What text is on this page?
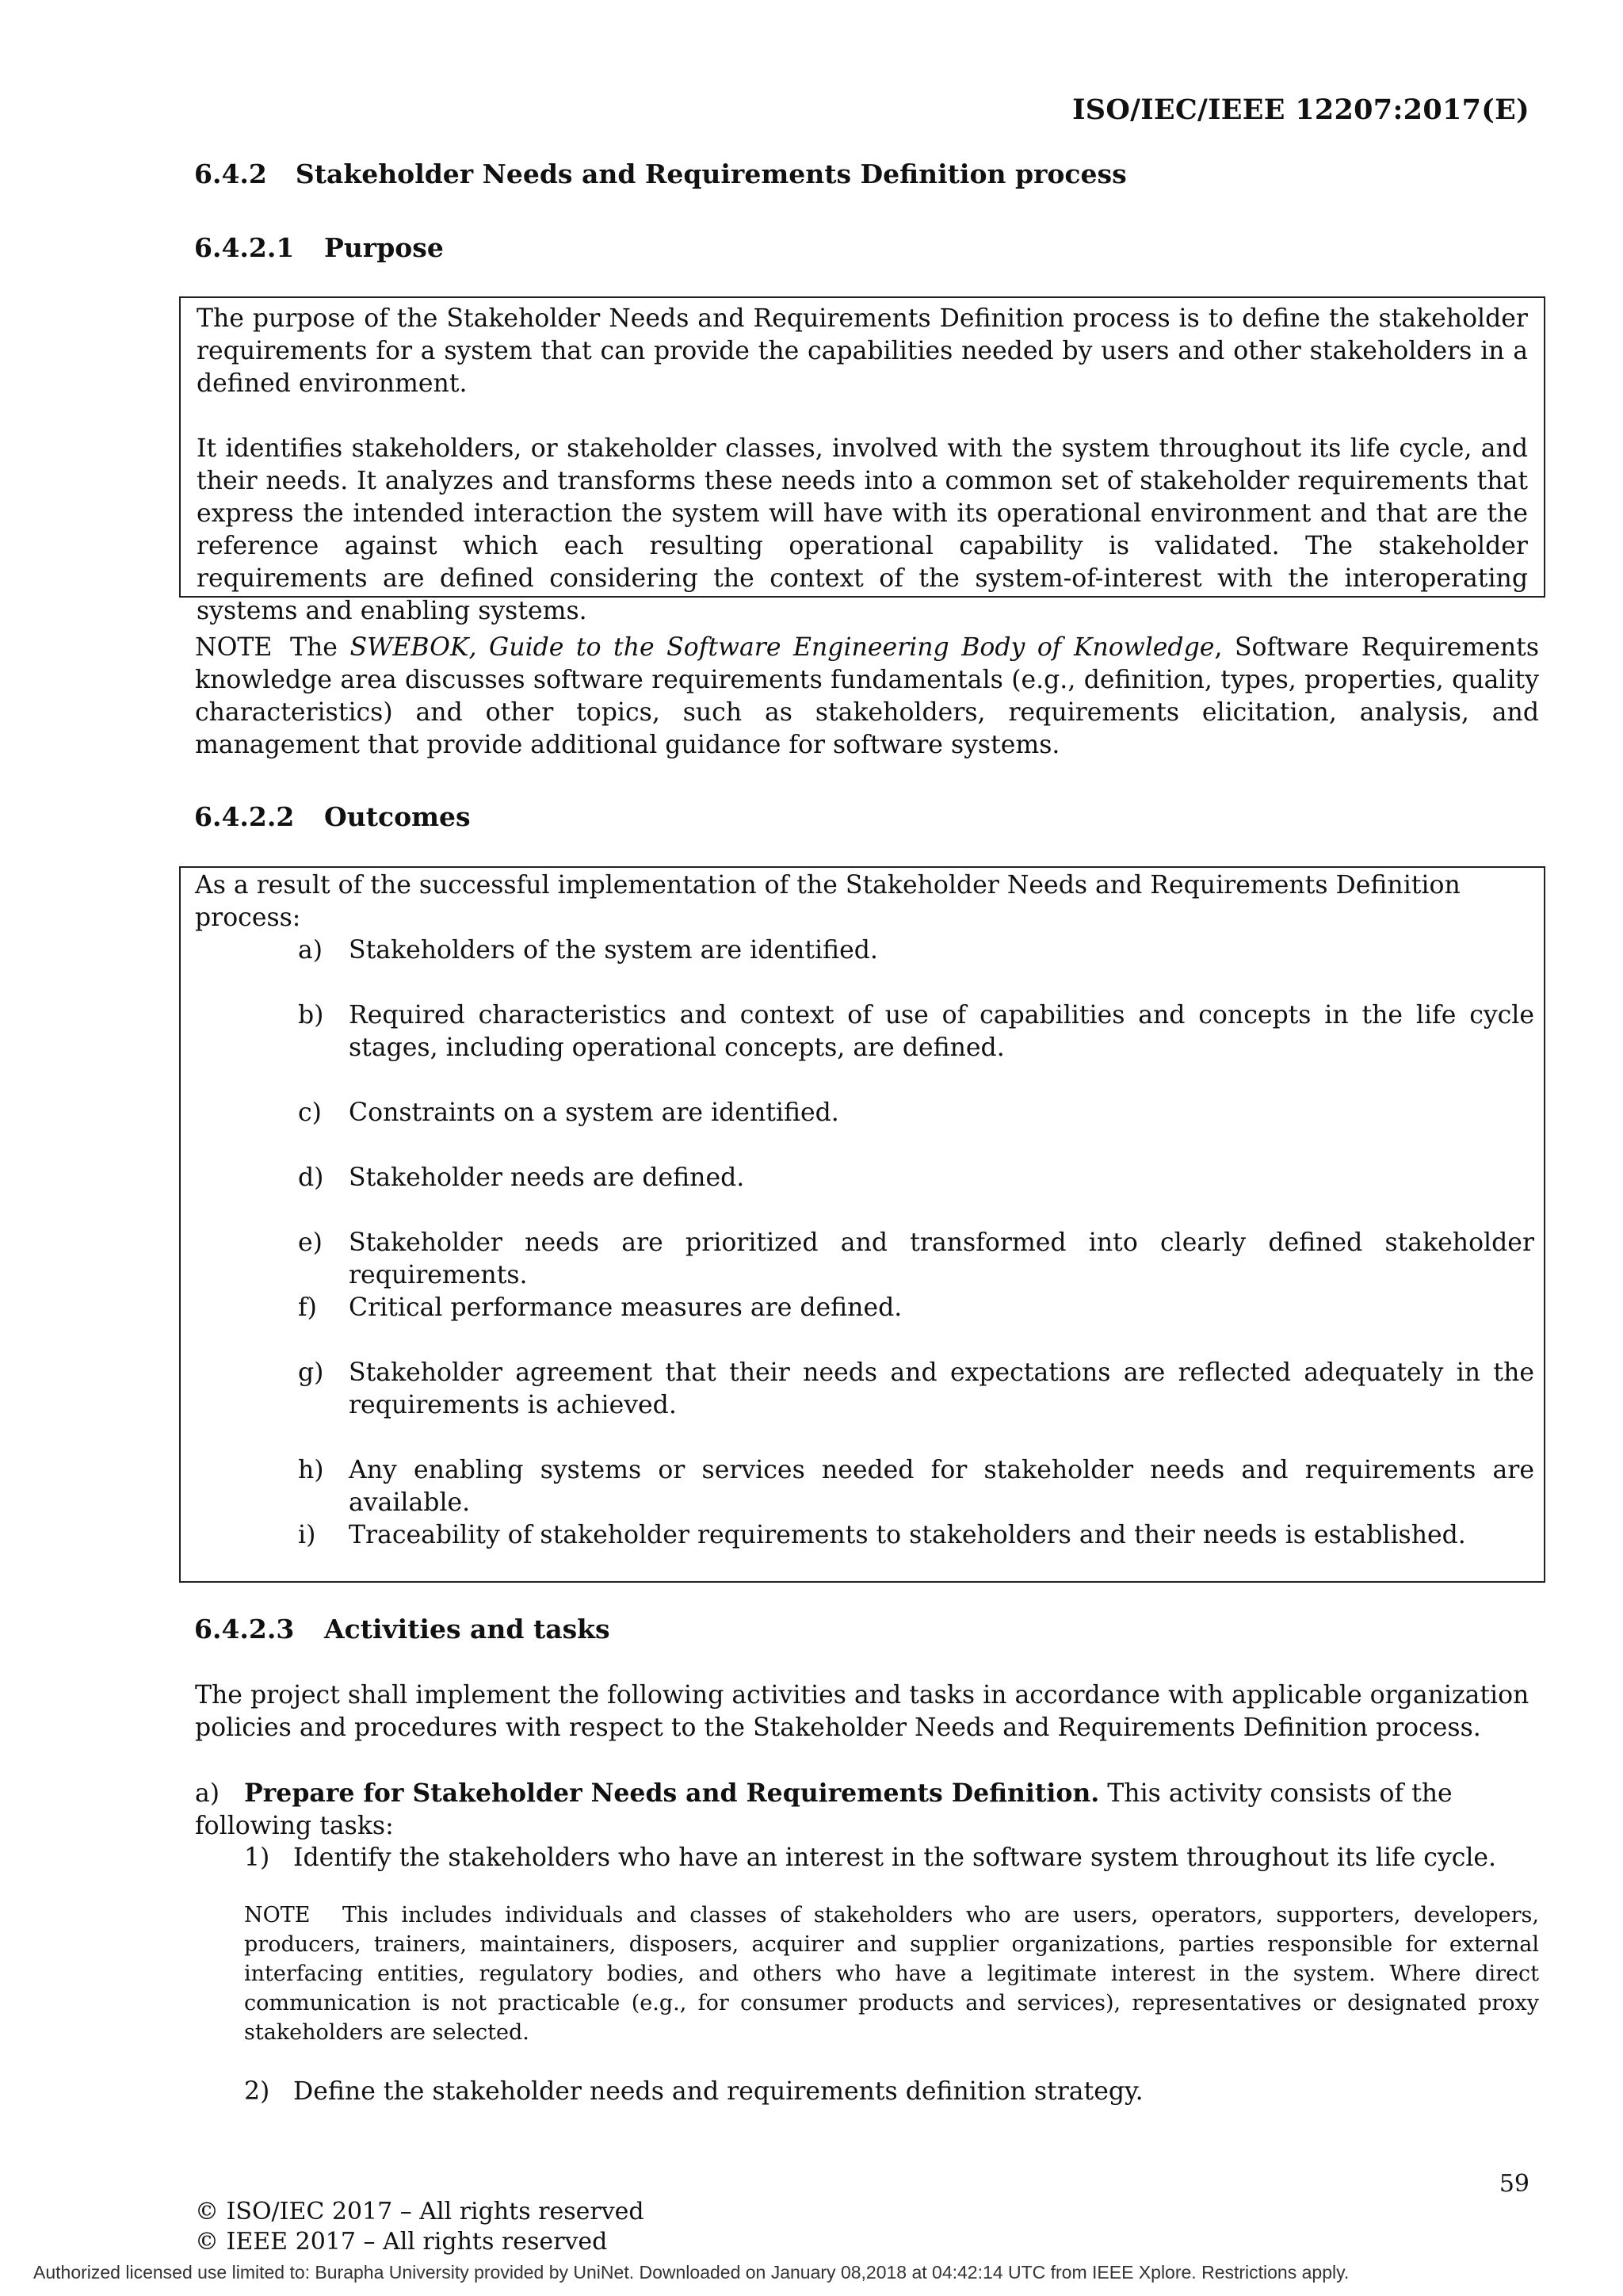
ISO/IEC/IEEE 12207:2017(E)
6.4.2 Stakeholder Needs and Requirements Definition process
6.4.2.1 Purpose

The purpose of the Stakeholder Needs and Requirements Definition process is to define the stakeholder requirements for a system that can provide the capabilities needed by users and other stakeholders in a defined environment.

It identifies stakeholders, or stakeholder classes, involved with the system throughout its life cycle, and their needs. It analyzes and transforms these needs into a common set of stakeholder requirements that express the intended interaction the system will have with its operational environment and that are the reference against which each resulting operational capability is validated. The stakeholder requirements are defined considering the context of the system-of-interest with the interoperating systems and enabling systems.

NOTE The SWEBOK, Guide to the Software Engineering Body of Knowledge, Software Requirements knowledge area discusses software requirements fundamentals (e.g., definition, types, properties, quality characteristics) and other topics, such as stakeholders, requirements elicitation, analysis, and management that provide additional guidance for software systems.
6.4.2.2 Outcomes
As a result of the successful implementation of the Stakeholder Needs and Requirements Definition process:
a) Stakeholders of the system are identified.
b) Required characteristics and context of use of capabilities and concepts in the life cycle stages, including operational concepts, are defined.
c) Constraints on a system are identified.
d) Stakeholder needs are defined.
e) Stakeholder needs are prioritized and transformed into clearly defined stakeholder requirements.
f) Critical performance measures are defined.
g) Stakeholder agreement that their needs and expectations are reflected adequately in the requirements is achieved.
h) Any enabling systems or services needed for stakeholder needs and requirements are available.
i) Traceability of stakeholder requirements to stakeholders and their needs is established.
6.4.2.3 Activities and tasks
The project shall implement the following activities and tasks in accordance with applicable organization policies and procedures with respect to the Stakeholder Needs and Requirements Definition process.
a) Prepare for Stakeholder Needs and Requirements Definition. This activity consists of the following tasks:
1) Identify the stakeholders who have an interest in the software system throughout its life cycle.
NOTE This includes individuals and classes of stakeholders who are users, operators, supporters, developers, producers, trainers, maintainers, disposers, acquirer and supplier organizations, parties responsible for external interfacing entities, regulatory bodies, and others who have a legitimate interest in the system. Where direct communication is not practicable (e.g., for consumer products and services), representatives or designated proxy stakeholders are selected.
2) Define the stakeholder needs and requirements definition strategy.
59
© ISO/IEC 2017 – All rights reserved
© IEEE 2017 – All rights reserved
Authorized licensed use limited to: Burapha University provided by UniNet. Downloaded on January 08,2018 at 04:42:14 UTC from IEEE Xplore. Restrictions apply.
